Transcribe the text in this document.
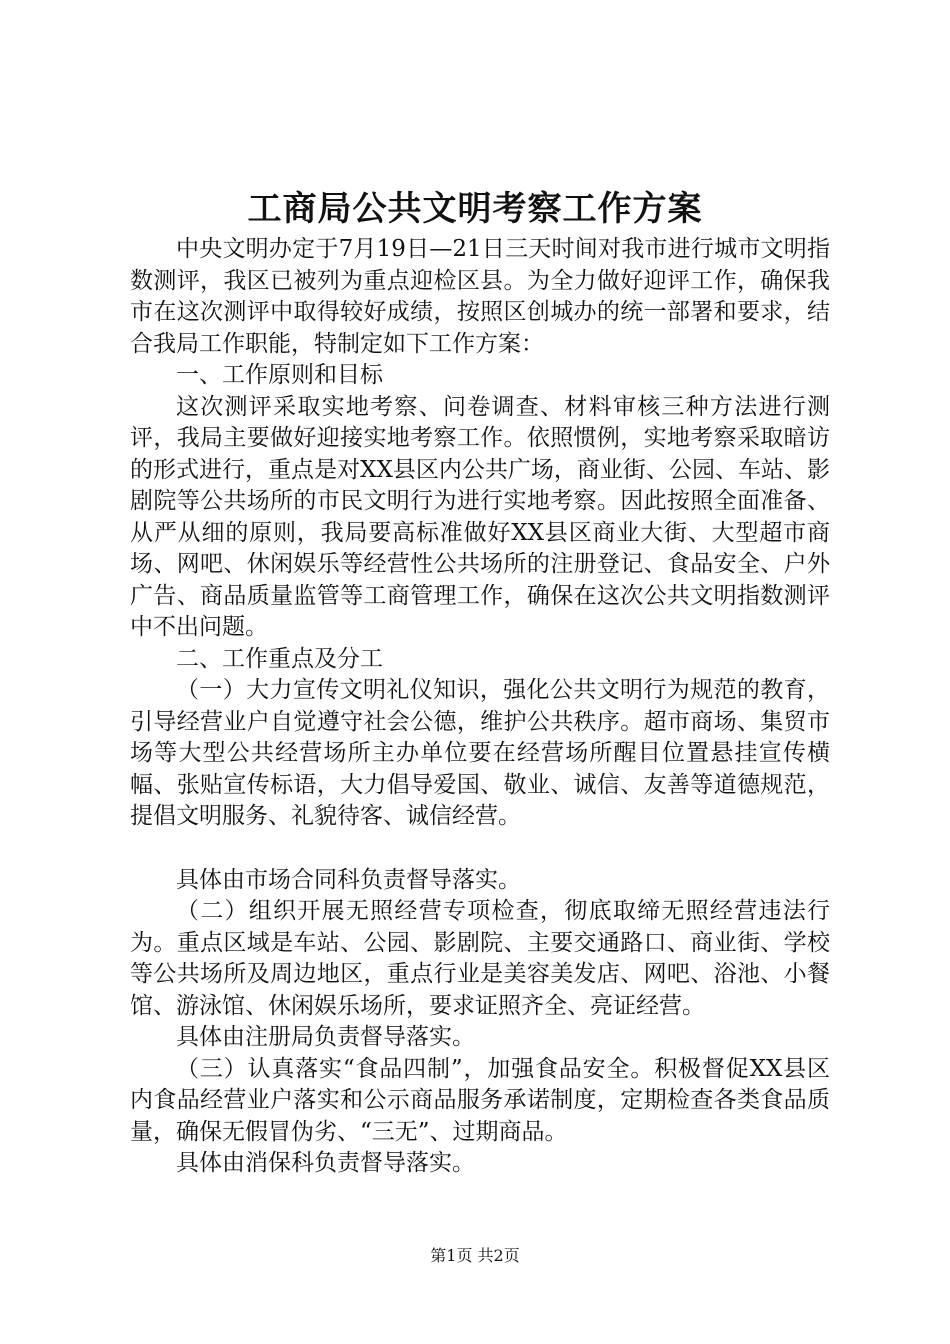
工商局公共文明考察工作方案

中央文明办定于7月19日—21日三天时间对我市进行城市文明指数测评，我区已被列为重点迎检区县。为全力做好迎评工作，确保我市在这次测评中取得较好成绩，按照区创城办的统一部署和要求，结合我局工作职能，特制定如下工作方案：

一、工作原则和目标

这次测评采取实地考察、问卷调查、材料审核三种方法进行测评，我局主要做好迎接实地考察工作。依照惯例，实地考察采取暗访的形式进行，重点是对XX县区内公共广场，商业街、公园、车站、影剧院等公共场所的市民文明行为进行实地考察。因此按照全面准备、从严从细的原则，我局要高标准做好XX县区商业大街、大型超市商场、网吧、休闲娱乐等经营性公共场所的注册登记、食品安全、户外广告、商品质量监管等工商管理工作，确保在这次公共文明指数测评中不出问题。

二、工作重点及分工

（一）大力宣传文明礼仪知识，强化公共文明行为规范的教育，引导经营业户自觉遵守社会公德，维护公共秩序。超市商场、集贸市场等大型公共经营场所主办单位要在经营场所醒目位置悬挂宣传横幅、张贴宣传标语，大力倡导爱国、敬业、诚信、友善等道德规范，提倡文明服务、礼貌待客、诚信经营。

具体由市场合同科负责督导落实。

（二）组织开展无照经营专项检查，彻底取缔无照经营违法行为。重点区域是车站、公园、影剧院、主要交通路口、商业街、学校等公共场所及周边地区，重点行业是美容美发店、网吧、浴池、小餐馆、游泳馆、休闲娱乐场所，要求证照齐全、亮证经营。

具体由注册局负责督导落实。

（三）认真落实“食品四制”，加强食品安全。积极督促XX县区内食品经营业户落实和公示商品服务承诺制度，定期检查各类食品质量，确保无假冒伪劣、“三无”、过期商品。

具体由消保科负责督导落实。

第1页 共2页
